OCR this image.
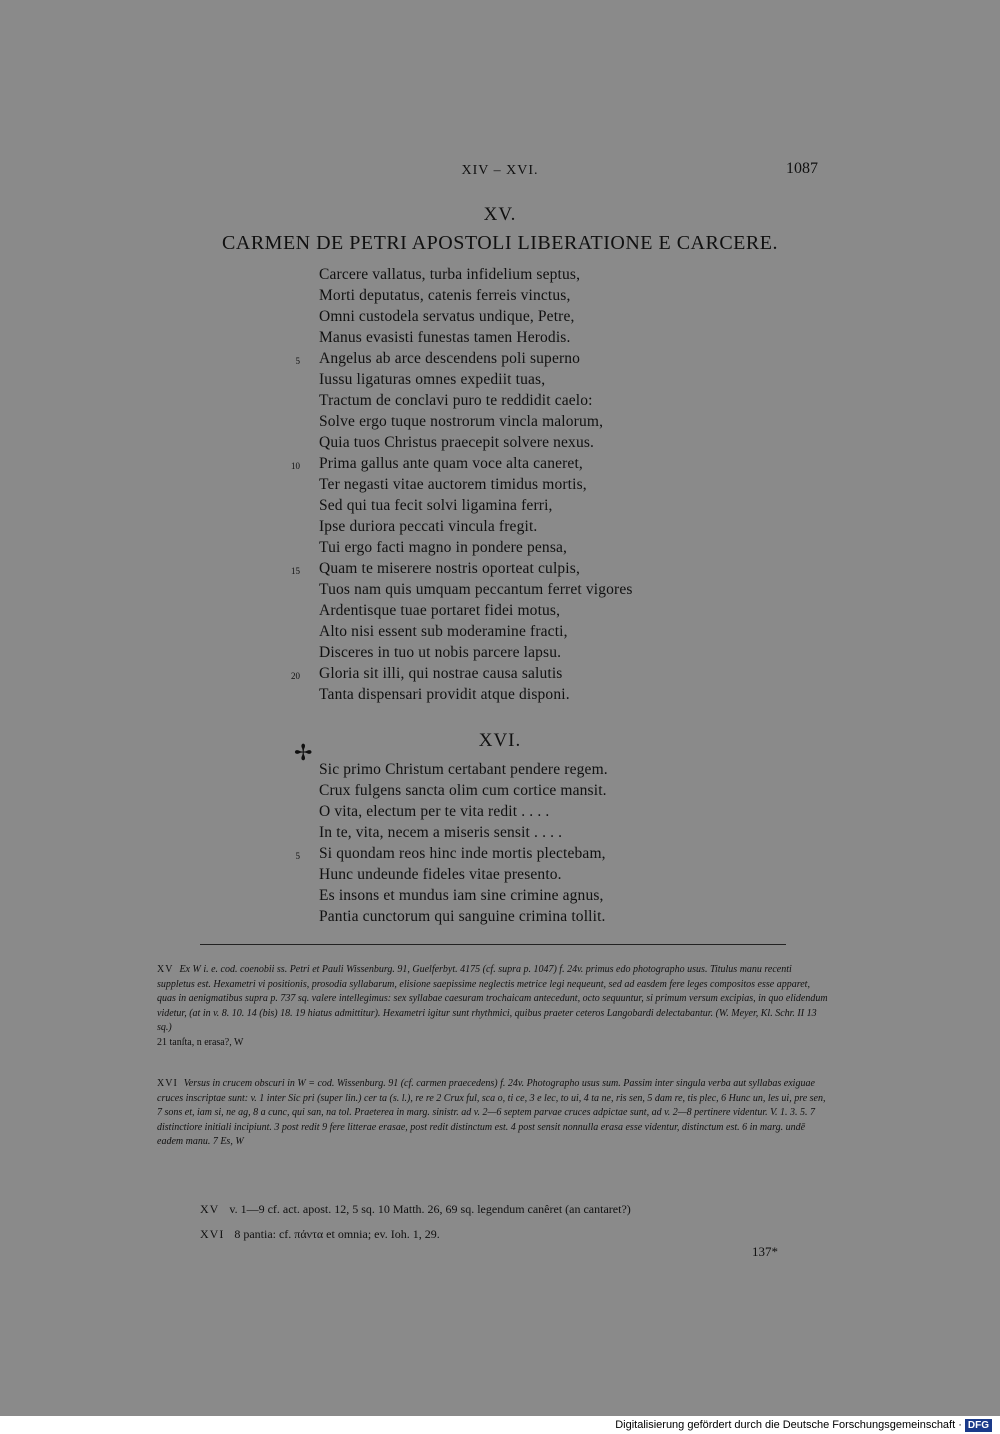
XIV – XVI.	1087
XV.
CARMEN DE PETRI APOSTOLI LIBERATIONE E CARCERE.
Carcere vallatus, turba infidelium septus,
Morti deputatus, catenis ferreis vinctus,
Omni custodela servatus undique, Petre,
Manus evasisti funestas tamen Herodis.
Angelus ab arce descendens poli superno
Iussu ligaturas omnes expediit tuas,
Tractum de conclavi puro te reddidit caelo:
Solve ergo tuque nostrorum vincla malorum,
Quia tuos Christus praecepit solvere nexus.
Prima gallus ante quam voce alta caneret,
Ter negasti vitae auctorem timidus mortis,
Sed qui tua fecit solvi ligamina ferri,
Ipse duriora peccati vincula fregit.
Tui ergo facti magno in pondere pensa,
Quam te miserere nostris oporteat culpis,
Tuos nam quis umquam peccantum ferret vigores
Ardentisque tuae portaret fidei motus,
Alto nisi essent sub moderamine fracti,
Disceres in tuo ut nobis parcere lapsu.
Gloria sit illi, qui nostrae causa salutis
Tanta dispensari providit atque disponi.
5
10
15
20
XVI.
✢
Sic primo Christum certabant pendere regem.
Crux fulgens sancta olim cum cortice mansit.
O vita, electum per te vita redit . . . .
In te, vita, necem a miseris sensit . . . .
Si quondam reos hinc inde mortis plectebam,
Hunc undeunde fideles vitae presento.
Es insons et mundus iam sine crimine agnus,
Pantia cunctorum qui sanguine crimina tollit.
5
XV Ex W i. e. cod. coenobii ss. Petri et Pauli Wissenburg. 91, Guelferbyt. 4175 (cf. supra p. 1047) f. 24v. primus edo photographo usus. Titulus manu recenti suppletus est. Hexametri vi positionis, prosodia syllabarum, elisione saepissime neglectis metrice legi nequeunt, sed ad easdem fere leges compositos esse apparet, quas in aenigmatibus supra p. 737 sq. valere intellegimus: sex syllabae caesuram trochaicam antecedunt, octo sequuntur, si primum versum excipias, in quo elidendum videtur, (at in v. 8. 10. 14 (bis) 18. 19 hiatus admittitur). Hexametri igitur sunt rhythmici, quibus praeter ceteros Langobardi delectabantur. (W. Meyer, Kl. Schr. II 13 sq.)
21 tanſta, n erasa?, W
XVI Versus in crucem obscuri in W = cod. Wissenburg. 91 (cf. carmen praecedens) f. 24v. Photographo usus sum. Passim inter singula verba aut syllabas exiguae cruces inscriptae sunt: v. 1 inter Sic pri (super lin.) cer ta (s. l.), re re 2 Crux ful, sca o, ti ce, 3 e lec, to ui, 4 ta ne, ris sen, 5 dam re, tis plec, 6 Hunc un, les ui, pre sen, 7 sons et, iam si, ne ag, 8 a cunc, qui san, na tol. Praeterea in marg. sinistr. ad v. 2—6 septem parvae cruces adpictae sunt, ad v. 2—8 pertinere videntur. V. 1. 3. 5. 7 distinctiore initiali incipiunt. 3 post redit 9 fere litterae erasae, post redit distinctum est. 4 post sensit nonnulla erasa esse videntur, distinctum est. 6 in marg. undē eadem manu. 7 Es, W
XV v. 1—9 cf. act. apost. 12, 5 sq. 10 Matth. 26, 69 sq. legendum canêret (an cantaret?)
XVI 8 pantia: cf. πάντα et omnia; ev. Ioh. 1, 29.
137*
Digitalisierung gefördert durch die Deutsche Forschungsgemeinschaft · DFG
